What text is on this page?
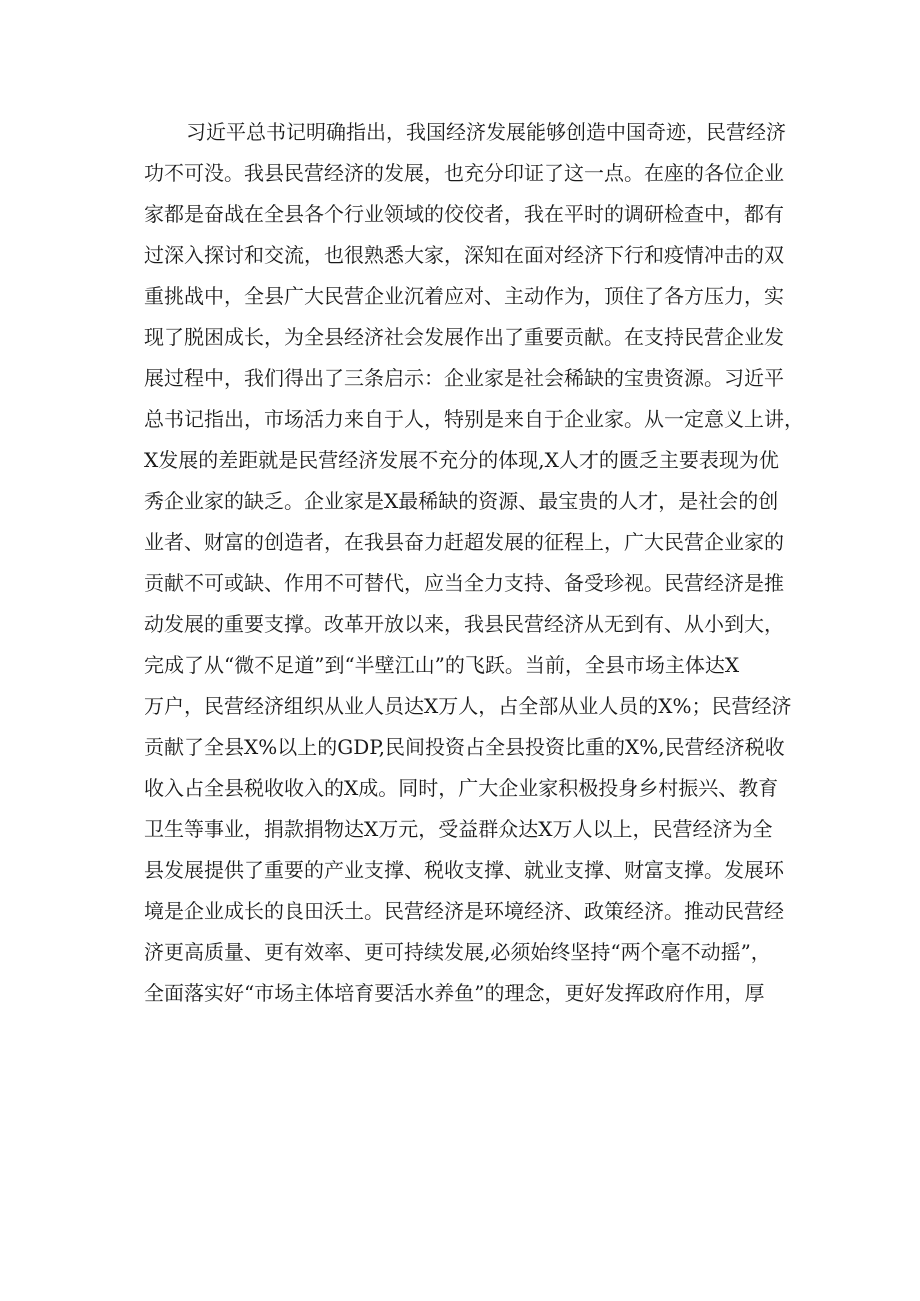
习近平总书记明确指出，我国经济发展能够创造中国奇迹，民营经济
功不可没。我县民营经济的发展，也充分印证了这一点。在座的各位企业
家都是奋战在全县各个行业领域的佼佼者，我在平时的调研检查中，都有
过深入探讨和交流，也很熟悉大家，深知在面对经济下行和疫情冲击的双
重挑战中，全县广大民营企业沉着应对、主动作为，顶住了各方压力，实
现了脱困成长，为全县经济社会发展作出了重要贡献。在支持民营企业发
展过程中，我们得出了三条启示：企业家是社会稀缺的宝贵资源。习近平
总书记指出，市场活力来自于人，特别是来自于企业家。从一定意义上讲，
X发展的差距就是民营经济发展不充分的体现,X人才的匮乏主要表现为优
秀企业家的缺乏。企业家是X最稀缺的资源、最宝贵的人才，是社会的创
业者、财富的创造者，在我县奋力赶超发展的征程上，广大民营企业家的
贡献不可或缺、作用不可替代，应当全力支持、备受珍视。民营经济是推
动发展的重要支撑。改革开放以来，我县民营经济从无到有、从小到大，
完成了从“微不足道”到“半壁江山”的飞跃。当前，全县市场主体达X
万户，民营经济组织从业人员达X万人，占全部从业人员的X%；民营经济
贡献了全县X%以上的GDP,民间投资占全县投资比重的X%,民营经济税收
收入占全县税收收入的X成。同时，广大企业家积极投身乡村振兴、教育
卫生等事业，捐款捐物达X万元，受益群众达X万人以上，民营经济为全
县发展提供了重要的产业支撑、税收支撑、就业支撑、财富支撑。发展环
境是企业成长的良田沃土。民营经济是环境经济、政策经济。推动民营经
济更高质量、更有效率、更可持续发展,必须始终坚持“两个毫不动摇”，
全面落实好“市场主体培育要活水养鱼”的理念，更好发挥政府作用，厚
